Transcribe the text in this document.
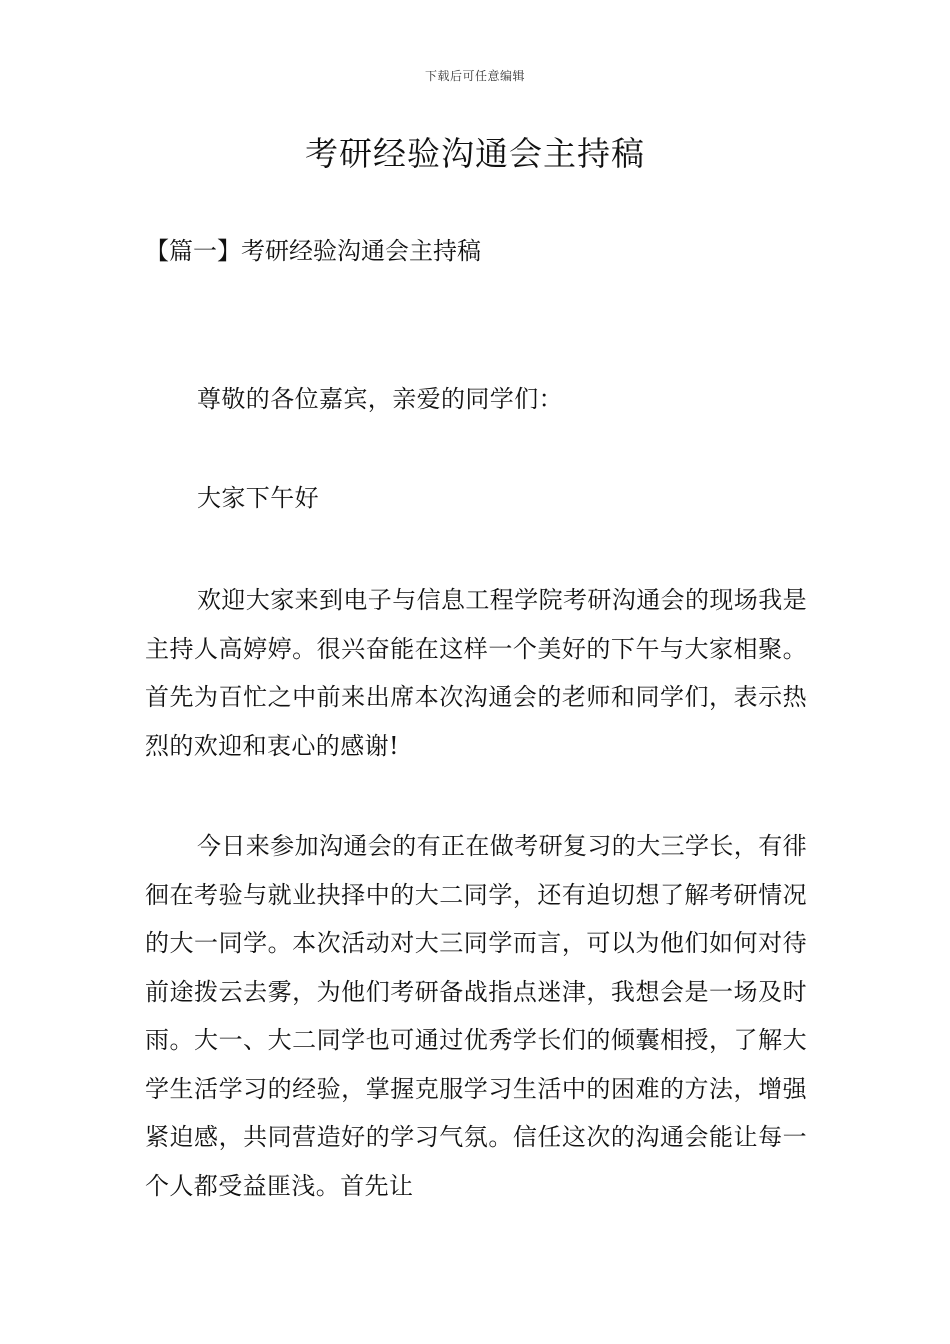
下载后可任意编辑
考研经验沟通会主持稿
【篇一】考研经验沟通会主持稿

尊敬的各位嘉宾，亲爱的同学们：

大家下午好

欢迎大家来到电子与信息工程学院考研沟通会的现场我是主持人高婷婷。很兴奋能在这样一个美好的下午与大家相聚。首先为百忙之中前来出席本次沟通会的老师和同学们，表示热烈的欢迎和衷心的感谢!

今日来参加沟通会的有正在做考研复习的大三学长，有徘徊在考验与就业抉择中的大二同学，还有迫切想了解考研情况的大一同学。本次活动对大三同学而言，可以为他们如何对待前途拨云去雾，为他们考研备战指点迷津，我想会是一场及时雨。大一、大二同学也可通过优秀学长们的倾囊相授，了解大学生活学习的经验，掌握克服学习生活中的困难的方法，增强紧迫感，共同营造好的学习气氛。信任这次的沟通会能让每一个人都受益匪浅。首先让
